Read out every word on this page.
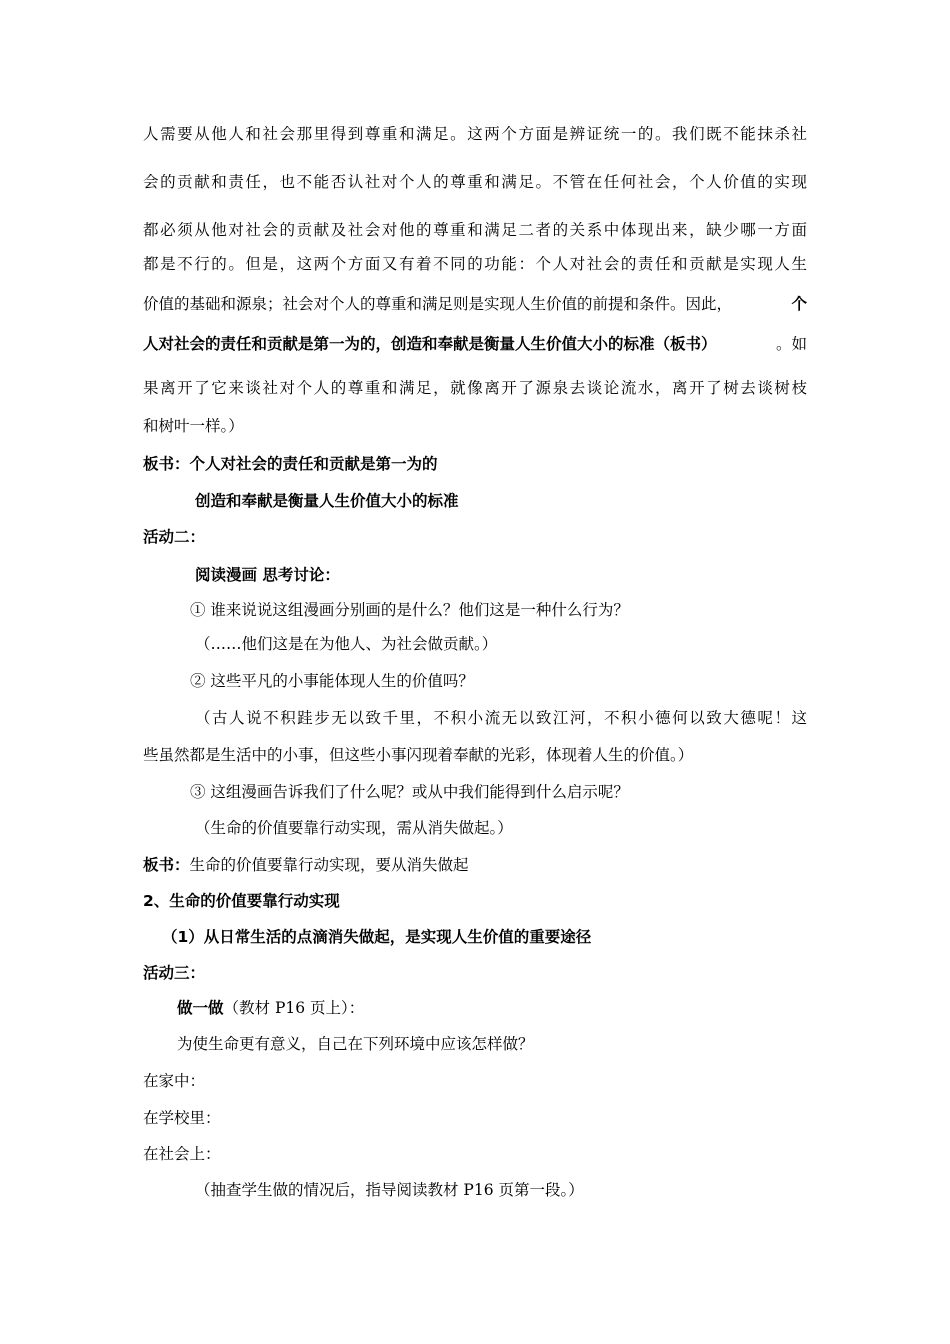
人需要从他人和社会那里得到尊重和满足。这两个方面是辨证统一的。我们既不能抹杀社
会的贡献和责任，也不能否认社对个人的尊重和满足。不管在任何社会，个人价值的实现
都必须从他对社会的贡献及社会对他的尊重和满足二者的关系中体现出来，缺少哪一方面
都是不行的。但是，这两个方面又有着不同的功能：个人对社会的责任和贡献是实现人生
价值的基础和源泉；社会对个人的尊重和满足则是实现人生价值的前提和条件。因此，	个
人对社会的责任和贡献是第一为的，创造和奉献是衡量人生价值大小的标准（板书）	。如
果离开了它来谈社对个人的尊重和满足，就像离开了源泉去谈论流水，离开了树去谈树枝
和树叶一样。）
板书：个人对社会的责任和贡献是第一为的
创造和奉献是衡量人生价值大小的标准
活动二：
阅读漫画 思考讨论：
① 谁来说说这组漫画分别画的是什么？他们这是一种什么行为？
（……他们这是在为他人、为社会做贡献。）
② 这些平凡的小事能体现人生的价值吗？
（古人说不积跬步无以致千里，不积小流无以致江河，不积小德何以致大德呢！这
些虽然都是生活中的小事，但这些小事闪现着奉献的光彩，体现着人生的价值。）
③ 这组漫画告诉我们了什么呢？或从中我们能得到什么启示呢？
（生命的价值要靠行动实现，需从消失做起。）
板书：生命的价值要靠行动实现，要从消失做起
2、生命的价值要靠行动实现
（1）从日常生活的点滴消失做起，是实现人生价值的重要途径
活动三：
做一做（教材 P16 页上）：
为使生命更有意义，自己在下列环境中应该怎样做？
在家中：
在学校里：
在社会上：
（抽查学生做的情况后，指导阅读教材 P16 页第一段。）
